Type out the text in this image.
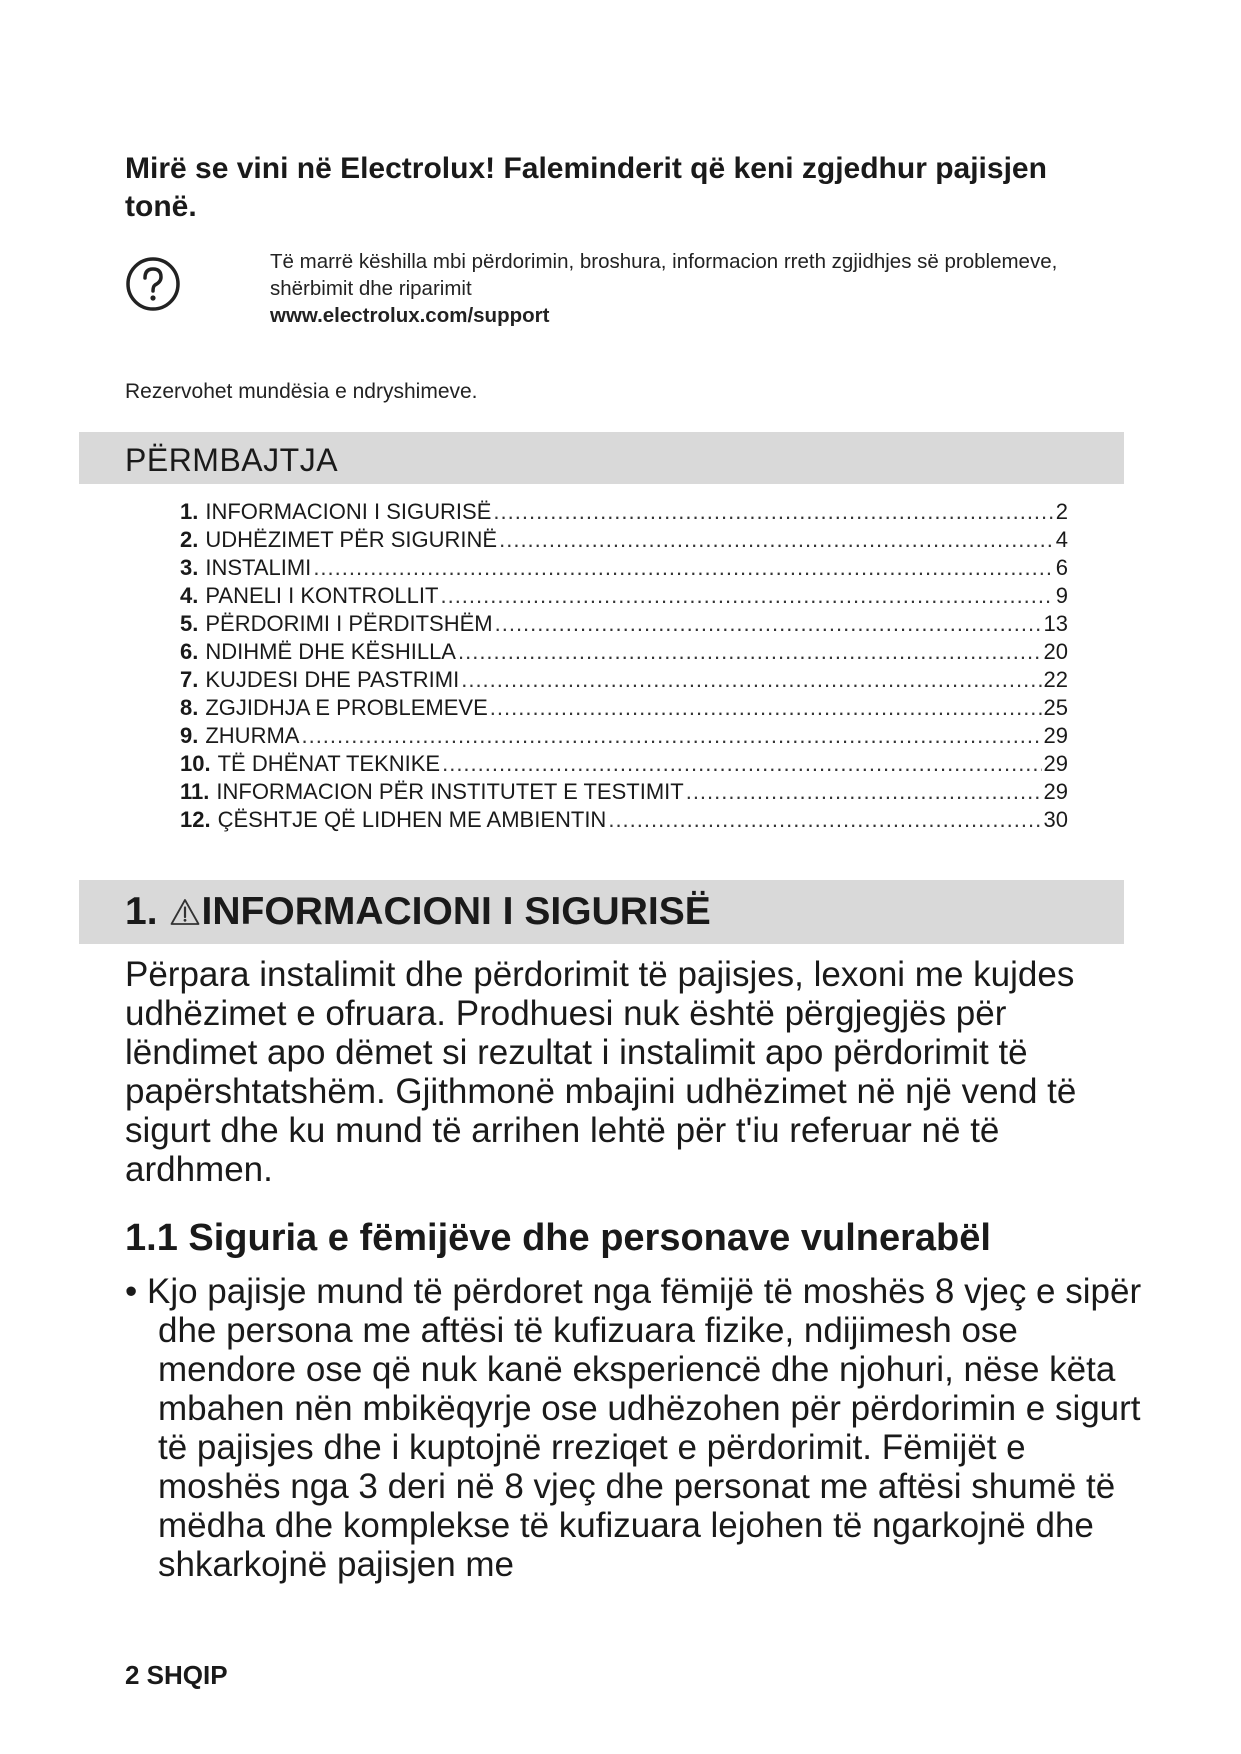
Mirë se vini në Electrolux! Faleminderit që keni zgjedhur pajisjen tonë.
Të marrë këshilla mbi përdorimin, broshura, informacion rreth zgjidhjes së problemeve, shërbimit dhe riparimit
www.electrolux.com/support
Rezervohet mundësia e ndryshimeve.
PËRMBAJTJA
1. INFORMACIONI I SIGURISË .....	2
2. UDHËZIMET PËR SIGURINË .....	4
3. INSTALIMI .....	6
4. PANELI I KONTROLLIT .....	9
5. PËRDORIMI I PËRDITSHËM .....	13
6. NDIHMË DHE KËSHILLA .....	20
7. KUJDESI DHE PASTRIMI .....	22
8. ZGJIDHJA E PROBLEMEVE .....	25
9. ZHURMA .....	29
10. TË DHËNAT TEKNIKE .....	29
11. INFORMACION PËR INSTITUTET E TESTIMIT .....	29
12. ÇËSHTJE QË LIDHEN ME AMBIENTIN .....	30
1. INFORMACIONI I SIGURISË
Përpara instalimit dhe përdorimit të pajisjes, lexoni me kujdes udhëzimet e ofruara. Prodhuesi nuk është përgjegjës për lëndimet apo dëmet si rezultat i instalimit apo përdorimit të papërshtatshëm. Gjithmonë mbajini udhëzimet në një vend të sigurt dhe ku mund të arrihen lehtë për t'iu referuar në të ardhmen.
1.1 Siguria e fëmijëve dhe personave vulnerabël
• Kjo pajisje mund të përdoret nga fëmijë të moshës 8 vjeç e sipër dhe persona me aftësi të kufizuara fizike, ndijimesh ose mendore ose që nuk kanë eksperiencë dhe njohuri, nëse këta mbahen nën mbikëqyrje ose udhëzohen për përdorimin e sigurt të pajisjes dhe i kuptojnë rreziqet e përdorimit. Fëmijët e moshës nga 3 deri në 8 vjeç dhe personat me aftësi shumë të mëdha dhe komplekse të kufizuara lejohen të ngarkojnë dhe shkarkojnë pajisjen me
2 SHQIP
